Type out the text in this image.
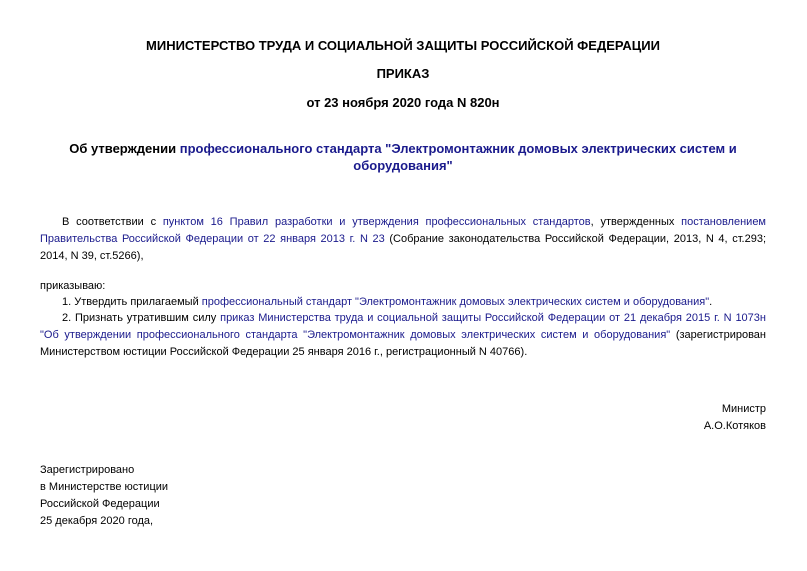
МИНИСТЕРСТВО ТРУДА И СОЦИАЛЬНОЙ ЗАЩИТЫ РОССИЙСКОЙ ФЕДЕРАЦИИ
ПРИКАЗ
от 23 ноября 2020 года N 820н
Об утверждении профессионального стандарта "Электромонтажник домовых электрических систем и оборудования"
В соответствии с пунктом 16 Правил разработки и утверждения профессиональных стандартов, утвержденных постановлением Правительства Российской Федерации от 22 января 2013 г. N 23 (Собрание законодательства Российской Федерации, 2013, N 4, ст.293; 2014, N 39, ст.5266),
приказываю:
1. Утвердить прилагаемый профессиональный стандарт "Электромонтажник домовых электрических систем и оборудования".
2. Признать утратившим силу приказ Министерства труда и социальной защиты Российской Федерации от 21 декабря 2015 г. N 1073н "Об утверждении профессионального стандарта "Электромонтажник домовых электрических систем и оборудования" (зарегистрирован Министерством юстиции Российской Федерации 25 января 2016 г., регистрационный N 40766).
Министр
А.О.Котяков
Зарегистрировано
в Министерстве юстиции
Российской Федерации
25 декабря 2020 года,
